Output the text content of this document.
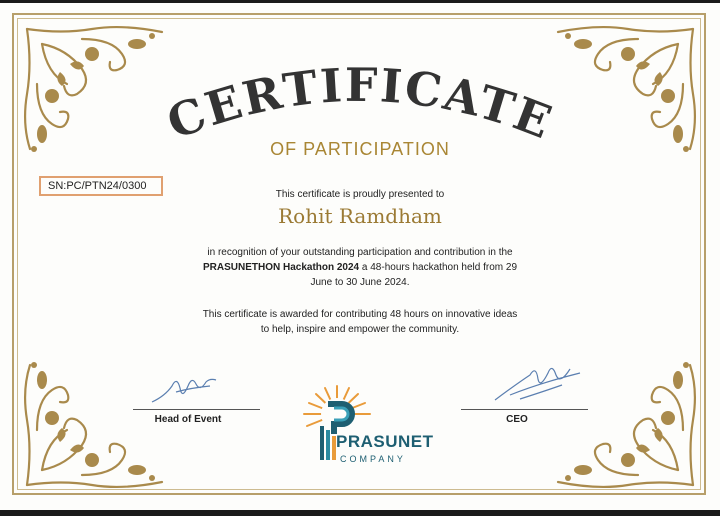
CERTIFICATE
OF PARTICIPATION
SN:PC/PTN24/0300
This certificate is proudly presented to
Rohit Ramdham
in recognition of your outstanding participation and contribution in the
PRASUNETHON Hackathon 2024 a 48-hours hackathon held from 29
June to 30 June 2024.
This certificate is awarded for contributing 48 hours on innovative ideas
to help, inspire and empower the community.
Head of Event	CEO
PRASUNET
COMPANY
